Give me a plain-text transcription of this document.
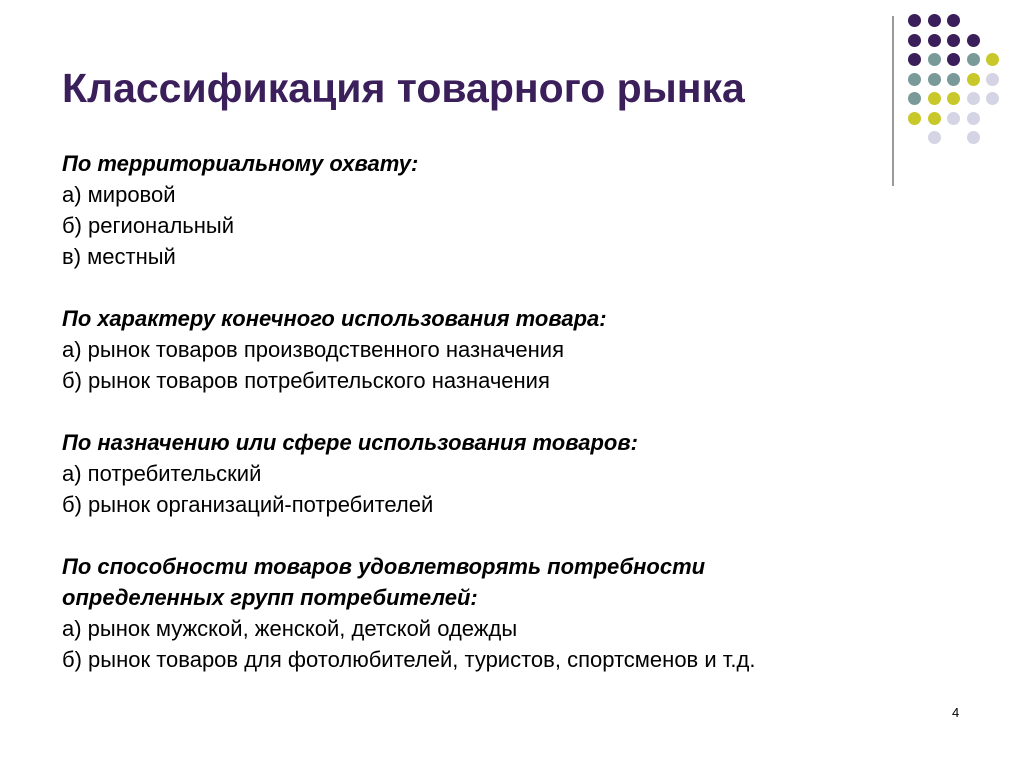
Классификация товарного рынка
По территориальному охвату:
а) мировой
б) региональный
в) местный
По характеру конечного использования товара:
а) рынок товаров производственного назначения
б) рынок товаров потребительского назначения
По назначению или сфере использования товаров:
а) потребительский
б) рынок организаций-потребителей
По способности товаров удовлетворять потребности
определенных групп потребителей:
а) рынок мужской, женской, детской одежды
б) рынок товаров для фотолюбителей, туристов, спортсменов и т.д.
4
